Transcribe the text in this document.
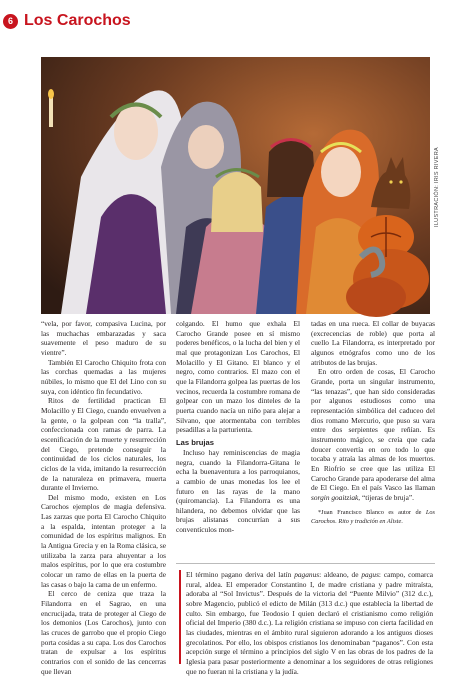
6 Los Carochos
ILUSTRACIÓN: IRIS RIVERA

“vela, por favor, compasiva Lucina, por las muchachas embarazadas y saca suavemente el peso maduro de su vientre”.

También El Carocho Chiquito frota con las corchas quemadas a las mujeres núbiles, lo mismo que El del Lino con su suya, con idéntico fin fecundativo.

Ritos de fertilidad practican El Molacillo y El Ciego, cuando envuelven a la gente, o la golpean con “la tralla”, confeccionada con ramas de parra. La escenificación de la muerte y resurrección del Ciego, pretende conseguir la continuidad de los ciclos naturales, los ciclos de la vida, imitando la resurrección de la naturaleza en primavera, muerta durante el Invierno.

Del mismo modo, existen en Los Carochos ejemplos de magia defensiva. Las zarzas que porta El Carocho Chiquito a la espalda, intentan proteger a la comunidad de los espíritus malignos. En la Antigua Grecia y en la Roma clásica, se utilizaba la zarza para ahuyentar a los malos espíritus, por lo que era costumbre colocar un ramo de ellas en la puerta de las casas o bajo la cama de un enfermo.

El cerco de ceniza que traza la Filandorra en el Sagrao, en una encrucijada, trata de proteger al Ciego de los demonios (Los Carochos), junto con las cruces de garrobo que el propio Ciego porta cosidas a su capa. Los dos Carochos tratan de expulsar a los espíritus contrarios con el sonido de las cencerras que llevan

colgando. El humo que exhala El Carocho Grande posee en sí mismo poderes benéficos, o la lucha del bien y el mal que protagonizan Los Carochos, El Molacillo y El Gitano. El blanco y el negro, como contrarios. El mazo con el que la Filandorra golpea las puertas de los vecinos, recuerda la costumbre romana de golpear con un mazo los dinteles de la puerta cuando nacía un niño para alejar a Silvano, que atormentaba con terribles pesadillas a la parturienta.

Las brujas

Incluso hay reminiscencias de magia negra, cuando la Filandorra-Gitana le echa la buenaventura a los parroquianos, a cambio de unas monedas los lee el futuro en las rayas de la mano (quiromancia). La Filandorra es una hilandera, no debemos olvidar que las brujas alistanas concurrían a sus conventículos mon-

tadas en una rueca. El collar de buyacas (excrecencias de roble) que porta al cuello La Filandorra, es interpretado por algunos etnógrafos como uno de los atributos de las brujas.

En otro orden de cosas, El Carocho Grande, porta un singular instrumento, “las tenazas”, que han sido consideradas por algunos estudiosos como una representación simbólica del caduceo del dios romano Mercurio, que puso su vara entre dos serpientes que reñían. Es instrumento mágico, se creía que cada doucer convertía en oro todo lo que tocaba y atraía las almas de los muertos. En Riofrío se cree que las utiliza El Carocho Grande para apoderarse del alma de El Ciego. En el país Vasco las llaman sorgin goaitziak, “tijeras de bruja”.

*Juan Francisco Blanco es autor de Los Carochos. Rito y tradición en Aliste.

El término pagano deriva del latín paganus: aldeano, de pagus: campo, comarca rural, aldea. El emperador Constantino I, de madre cristiana y padre mitraísta, adoraba al “Sol Invictus”. Después de la victoria del “Puente Milvio” (312 d.c.), sobre Magencio, publicó el edicto de Milán (313 d.c.) que establecía la libertad de culto. Sin embargo, fue Teodosio I quien declaró el cristianismo como religión oficial del Imperio (380 d.c.). La religión cristiana se impuso con cierta facilidad en las ciudades, mientras en el ámbito rural siguieron adorando a los antiguos dioses grecolatinos. Por ello, los obispos cristianos los denominaban “paganos”. Con esta acepción surge el término a principios del siglo V en las obras de los padres de la Iglesia para pasar posteriormente a denominar a los seguidores de otras religiones que no fueran ni la cristiana y la judía.
